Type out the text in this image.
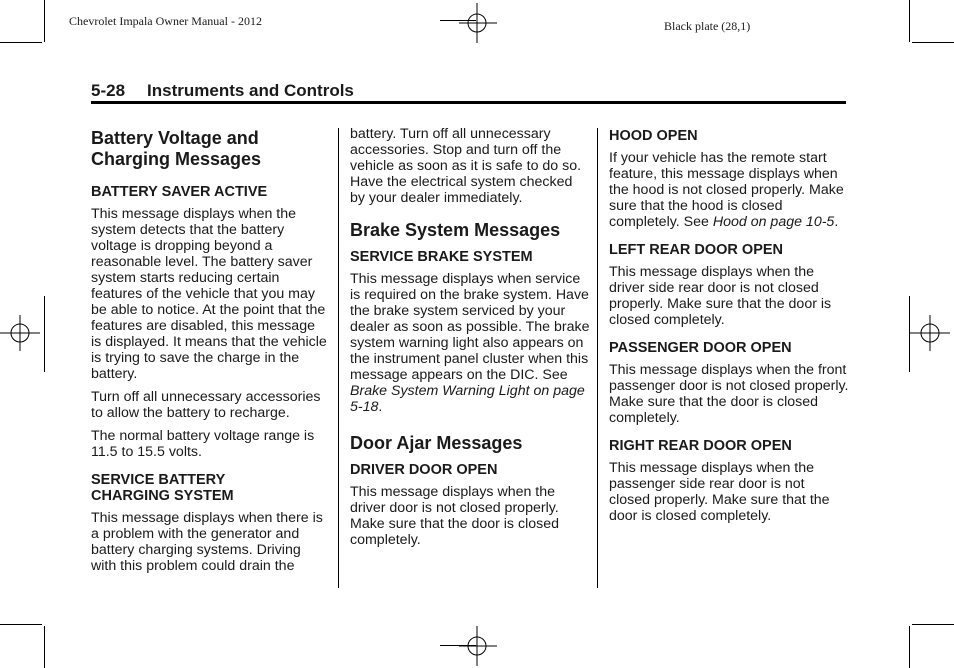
Chevrolet Impala Owner Manual - 2012	Black plate (28,1)
5-28 Instruments and Controls
Battery Voltage and Charging Messages
BATTERY SAVER ACTIVE

This message displays when the system detects that the battery voltage is dropping beyond a reasonable level. The battery saver system starts reducing certain features of the vehicle that you may be able to notice. At the point that the features are disabled, this message is displayed. It means that the vehicle is trying to save the charge in the battery.

Turn off all unnecessary accessories to allow the battery to recharge.

The normal battery voltage range is 11.5 to 15.5 volts.

SERVICE BATTERY CHARGING SYSTEM

This message displays when there is a problem with the generator and battery charging systems. Driving with this problem could drain the

battery. Turn off all unnecessary accessories. Stop and turn off the vehicle as soon as it is safe to do so. Have the electrical system checked by your dealer immediately.

Brake System Messages
SERVICE BRAKE SYSTEM

This message displays when service is required on the brake system. Have the brake system serviced by your dealer as soon as possible. The brake system warning light also appears on the instrument panel cluster when this message appears on the DIC. See Brake System Warning Light on page 5-18.

Door Ajar Messages
DRIVER DOOR OPEN

This message displays when the driver door is not closed properly. Make sure that the door is closed completely.

HOOD OPEN

If your vehicle has the remote start feature, this message displays when the hood is not closed properly. Make sure that the hood is closed completely. See Hood on page 10-5.

LEFT REAR DOOR OPEN

This message displays when the driver side rear door is not closed properly. Make sure that the door is closed completely.

PASSENGER DOOR OPEN

This message displays when the front passenger door is not closed properly. Make sure that the door is closed completely.

RIGHT REAR DOOR OPEN

This message displays when the passenger side rear door is not closed properly. Make sure that the door is closed completely.
